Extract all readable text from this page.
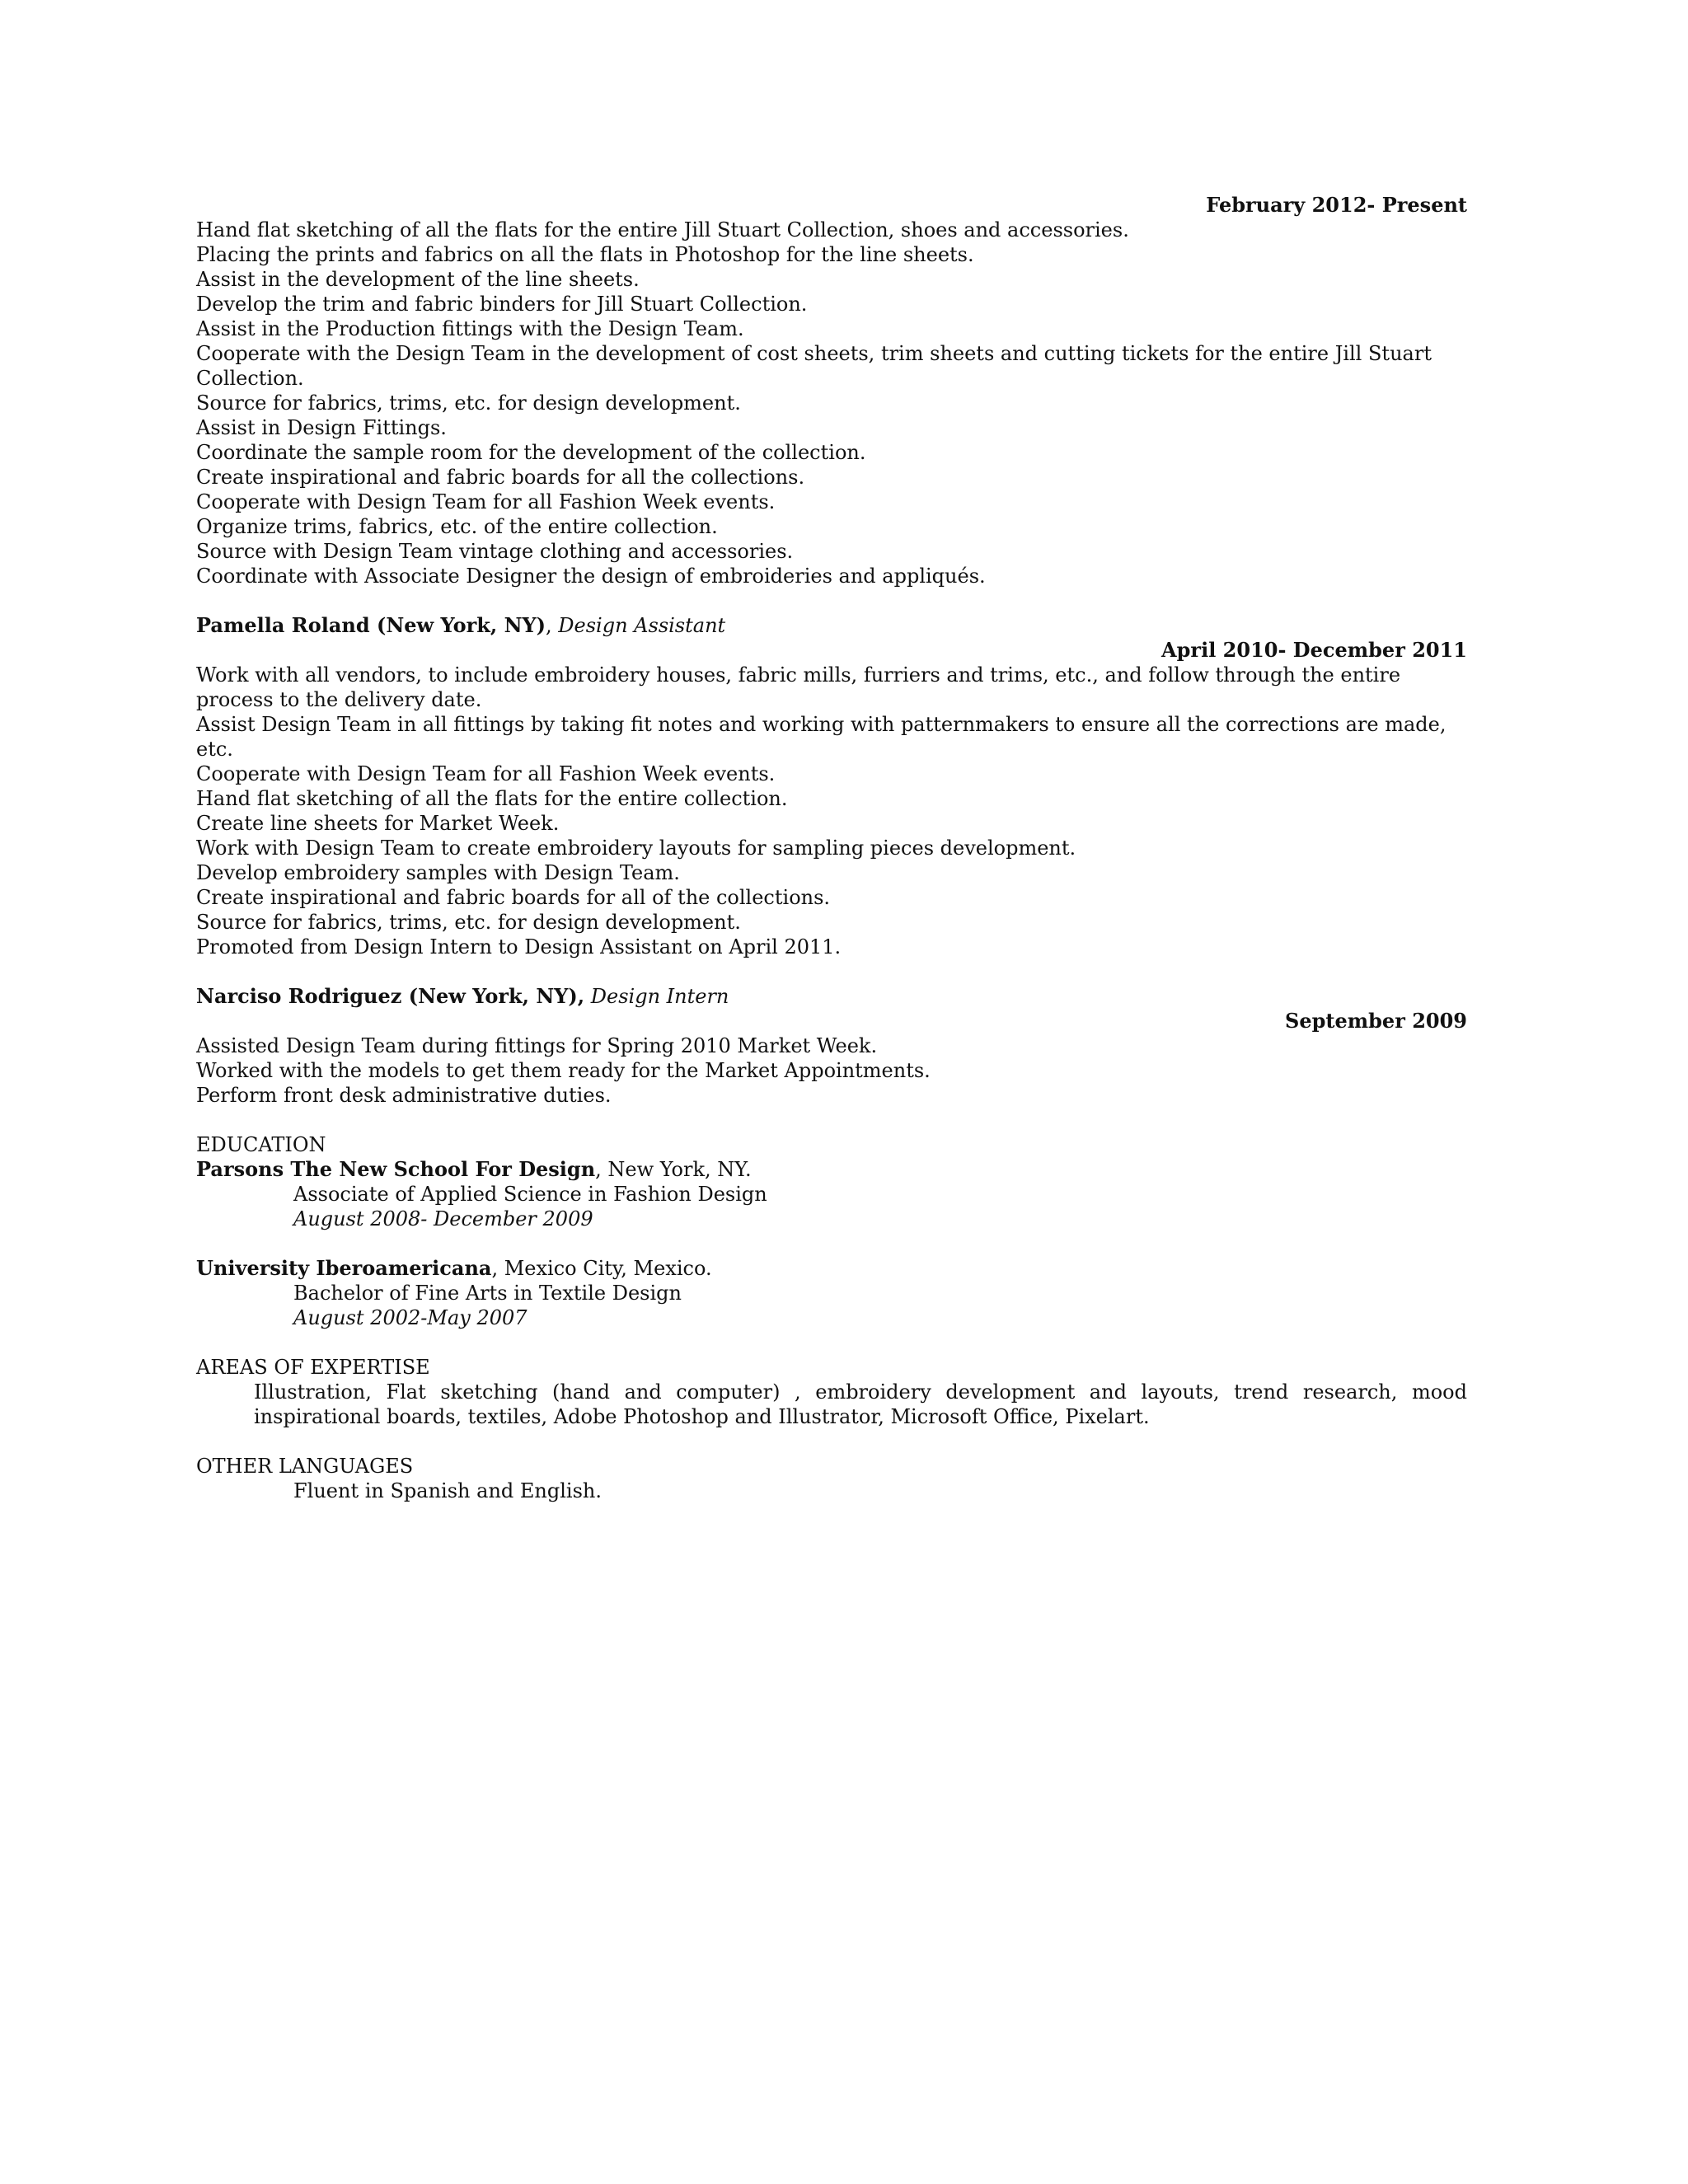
February 2012- Present
Hand flat sketching of all the flats for the entire Jill Stuart Collection, shoes and accessories.
Placing the prints and fabrics on all the flats in Photoshop for the line sheets.
Assist in the development of the line sheets.
Develop the trim and fabric binders for Jill Stuart Collection.
Assist in the Production fittings with the Design Team.
Cooperate with the Design Team in the development of cost sheets, trim sheets and cutting tickets for the entire Jill Stuart Collection.
Source for fabrics, trims, etc. for design development.
Assist in Design Fittings.
Coordinate the sample room for the development of the collection.
Create inspirational and fabric boards for all the collections.
Cooperate with Design Team for all Fashion Week events.
Organize trims, fabrics, etc. of the entire collection.
Source with Design Team vintage clothing and accessories.
Coordinate with Associate Designer the design of embroideries and appliqués.
Pamella Roland (New York, NY), Design Assistant
April 2010- December 2011
Work with all vendors, to include embroidery houses, fabric mills, furriers and trims, etc., and follow through the entire process to the delivery date.
Assist Design Team in all fittings by taking fit notes and working with patternmakers to ensure all the corrections are made, etc.
Cooperate with Design Team for all Fashion Week events.
Hand flat sketching of all the flats for the entire collection.
Create line sheets for Market Week.
Work with Design Team to create embroidery layouts for sampling pieces development.
Develop embroidery samples with Design Team.
Create inspirational and fabric boards for all of the collections.
Source for fabrics, trims, etc. for design development.
Promoted from Design Intern to Design Assistant on April 2011.
Narciso Rodriguez (New York, NY), Design Intern
September 2009
Assisted Design Team during fittings for Spring 2010 Market Week.
Worked with the models to get them ready for the Market Appointments.
Perform front desk administrative duties.
EDUCATION
Parsons The New School For Design, New York, NY.
Associate of Applied Science in Fashion Design
August 2008- December 2009
University Iberoamericana, Mexico City, Mexico.
Bachelor of Fine Arts in Textile Design
August 2002-May 2007
AREAS OF EXPERTISE
Illustration, Flat sketching (hand and computer) , embroidery development and layouts, trend research, mood inspirational boards, textiles, Adobe Photoshop and Illustrator, Microsoft Office, Pixelart.
OTHER LANGUAGES
Fluent in Spanish and English.
